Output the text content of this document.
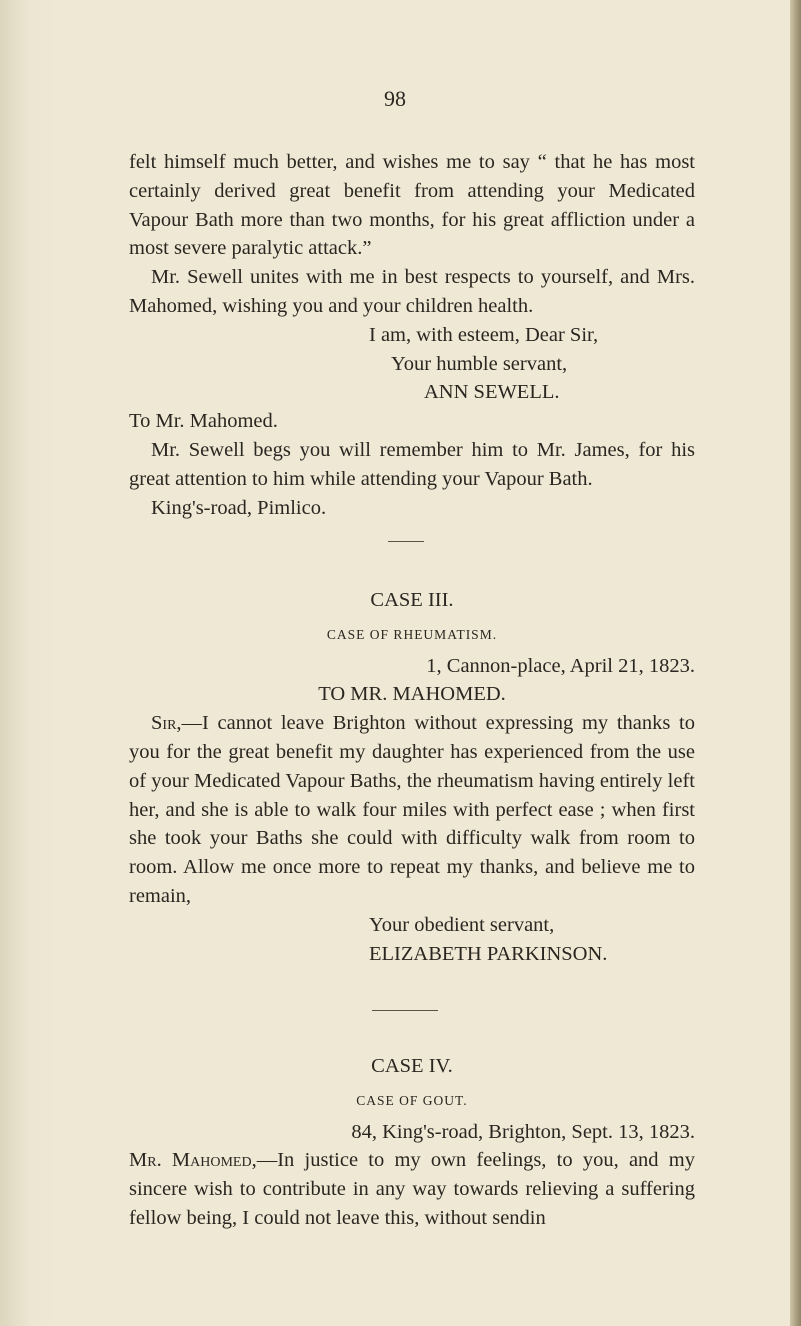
98

felt himself much better, and wishes me to say “ that he has most certainly derived great benefit from attending your Medicated Vapour Bath more than two months, for his great affliction under a most severe paralytic attack.”

Mr. Sewell unites with me in best respects to yourself, and Mrs. Mahomed, wishing you and your children health.

I am, with esteem, Dear Sir,

Your humble servant,

ANN SEWELL.

To Mr. Mahomed.

Mr. Sewell begs you will remember him to Mr. James, for his great attention to him while attending your Vapour Bath.

King's-road, Pimlico.

CASE III.

CASE OF RHEUMATISM.

1, Cannon-place, April 21, 1823.

TO MR. MAHOMED.

Sir,—I cannot leave Brighton without expressing my thanks to you for the great benefit my daughter has experienced from the use of your Medicated Vapour Baths, the rheumatism having entirely left her, and she is able to walk four miles with perfect ease ; when first she took your Baths she could with difficulty walk from room to room. Allow me once more to repeat my thanks, and believe me to remain,

Your obedient servant,

ELIZABETH PARKINSON.

CASE IV.

CASE OF GOUT.

84, King's-road, Brighton, Sept. 13, 1823.

Mr. Mahomed,—In justice to my own feelings, to you, and my sincere wish to contribute in any way towards relieving a suffering fellow being, I could not leave this, without sendin
